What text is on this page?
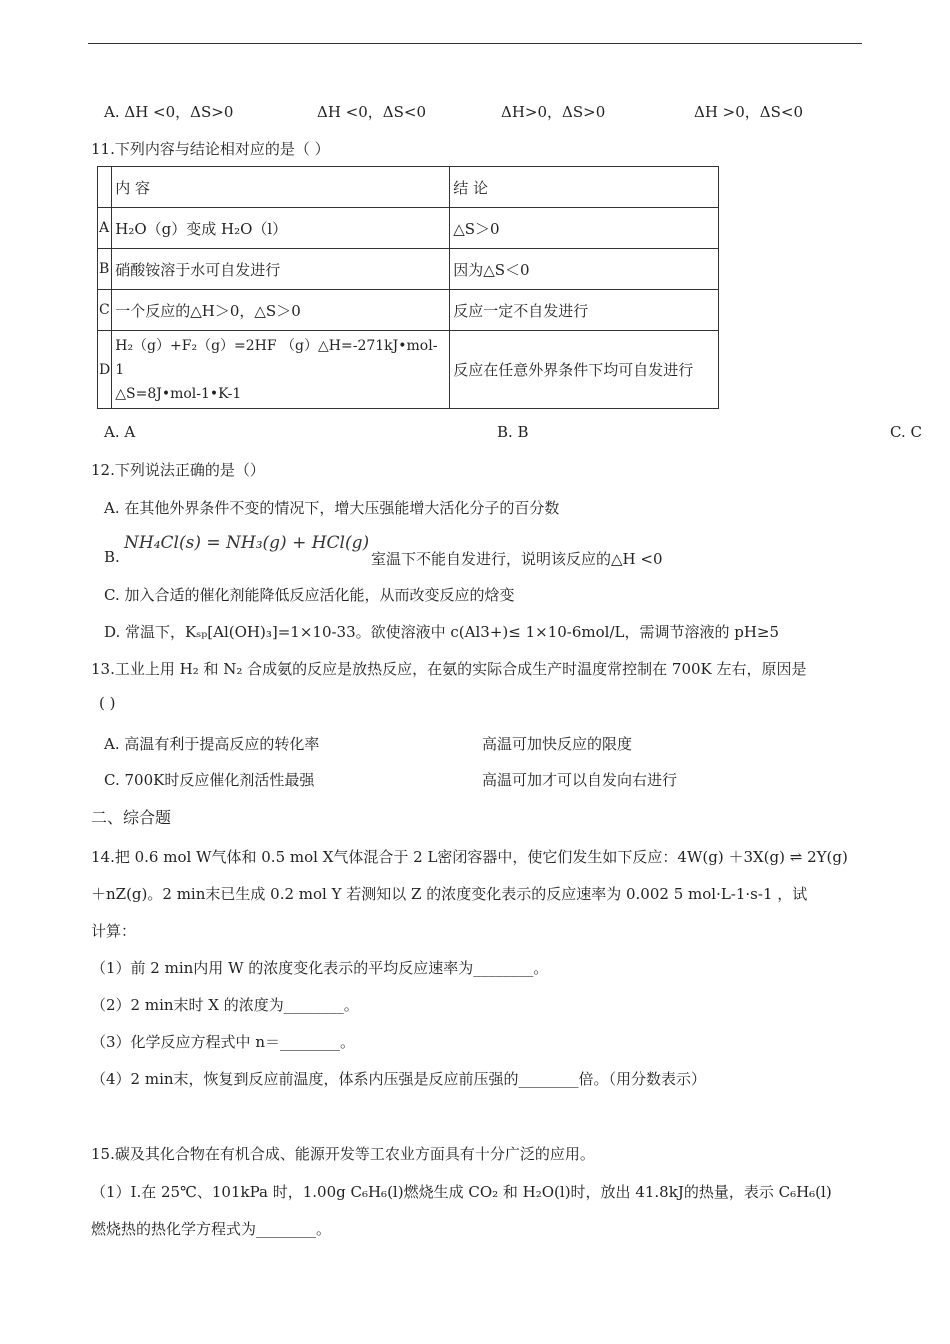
A. ΔH <0，ΔS>0	ΔH <0，ΔS<0	ΔH>0，ΔS>0	ΔH >0，ΔS<0
11.下列内容与结论相对应的是（ ）
	内 容	结 论
A	H₂O（g）变成 H₂O（l）	△S＞0
B	硝酸铵溶于水可自发进行	因为△S＜0
C	一个反应的△H＞0，△S＞0	反应一定不自发进行
D	H₂（g）+F₂（g）=2HF （g）△H=-271kJ•mol-1
△S=8J•mol-1•K-1	反应在任意外界条件下均可自发进行
A. A	B. B	C. C
12.下列说法正确的是（）
A. 在其他外界条件不变的情况下，增大压强能增大活化分子的百分数
B.
NH₄Cl(s) = NH₃(g) + HCl(g)
室温下不能自发进行，说明该反应的△H <0
C. 加入合适的催化剂能降低反应活化能，从而改变反应的焓变
D. 常温下，Kₛₚ[Al(OH)₃]=1×10-33。欲使溶液中 c(Al3+)≤ 1×10-6mol/L，需调节溶液的 pH≥5
13.工业上用 H₂ 和 N₂ 合成氨的反应是放热反应，在氨的实际合成生产时温度常控制在 700K 左右，原因是
( )
A. 高温有利于提高反应的转化率	高温可加快反应的限度
C. 700K时反应催化剂活性最强	高温可加才可以自发向右进行
二、综合题
14.把 0.6 mol W气体和 0.5 mol X气体混合于 2 L密闭容器中，使它们发生如下反应：4W(g) ＋3X(g) ⇌ 2Y(g)
＋nZ(g)。2 min末已生成 0.2 mol Y 若测知以 Z 的浓度变化表示的反应速率为 0.002 5 mol·L-1·s-1 ，试
计算：
（1）前 2 min内用 W 的浓度变化表示的平均反应速率为________。
（2）2 min末时 X 的浓度为________。
（3）化学反应方程式中 n＝________。
（4）2 min末，恢复到反应前温度，体系内压强是反应前压强的________倍。（用分数表示）
15.碳及其化合物在有机合成、能源开发等工农业方面具有十分广泛的应用。
（1）Ⅰ.在 25℃、101kPa 时，1.00g C₆H₆(l)燃烧生成 CO₂ 和 H₂O(l)时，放出 41.8kJ的热量，表示 C₆H₆(l)
燃烧热的热化学方程式为________。
